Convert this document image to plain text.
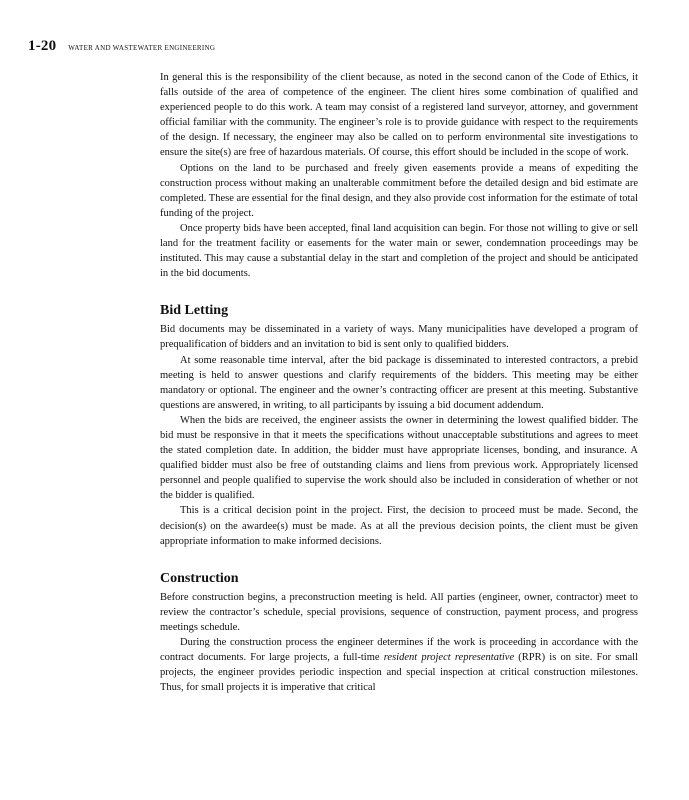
1-20 WATER AND WASTEWATER ENGINEERING

In general this is the responsibility of the client because, as noted in the second canon of the Code of Ethics, it falls outside of the area of competence of the engineer. The client hires some combination of qualified and experienced people to do this work. A team may consist of a registered land surveyor, attorney, and government official familiar with the community. The engineer’s role is to provide guidance with respect to the requirements of the design. If necessary, the engineer may also be called on to perform environmental site investigations to ensure the site(s) are free of hazardous materials. Of course, this effort should be included in the scope of work.

Options on the land to be purchased and freely given easements provide a means of expediting the construction process without making an unalterable commitment before the detailed design and bid estimate are completed. These are essential for the final design, and they also provide cost information for the estimate of total funding of the project.

Once property bids have been accepted, final land acquisition can begin. For those not willing to give or sell land for the treatment facility or easements for the water main or sewer, condemnation proceedings may be instituted. This may cause a substantial delay in the start and completion of the project and should be anticipated in the bid documents.

Bid Letting

Bid documents may be disseminated in a variety of ways. Many municipalities have developed a program of prequalification of bidders and an invitation to bid is sent only to qualified bidders.

At some reasonable time interval, after the bid package is disseminated to interested contractors, a prebid meeting is held to answer questions and clarify requirements of the bidders. This meeting may be either mandatory or optional. The engineer and the owner’s contracting officer are present at this meeting. Substantive questions are answered, in writing, to all participants by issuing a bid document addendum.

When the bids are received, the engineer assists the owner in determining the lowest qualified bidder. The bid must be responsive in that it meets the specifications without unacceptable substitutions and agrees to meet the stated completion date. In addition, the bidder must have appropriate licenses, bonding, and insurance. A qualified bidder must also be free of outstanding claims and liens from previous work. Appropriately licensed personnel and people qualified to supervise the work should also be included in consideration of whether or not the bidder is qualified.

This is a critical decision point in the project. First, the decision to proceed must be made. Second, the decision(s) on the awardee(s) must be made. As at all the previous decision points, the client must be given appropriate information to make informed decisions.

Construction

Before construction begins, a preconstruction meeting is held. All parties (engineer, owner, contractor) meet to review the contractor’s schedule, special provisions, sequence of construction, payment process, and progress meetings schedule.

During the construction process the engineer determines if the work is proceeding in accordance with the contract documents. For large projects, a full-time resident project representative (RPR) is on site. For small projects, the engineer provides periodic inspection and special inspection at critical construction milestones. Thus, for small projects it is imperative that critical
